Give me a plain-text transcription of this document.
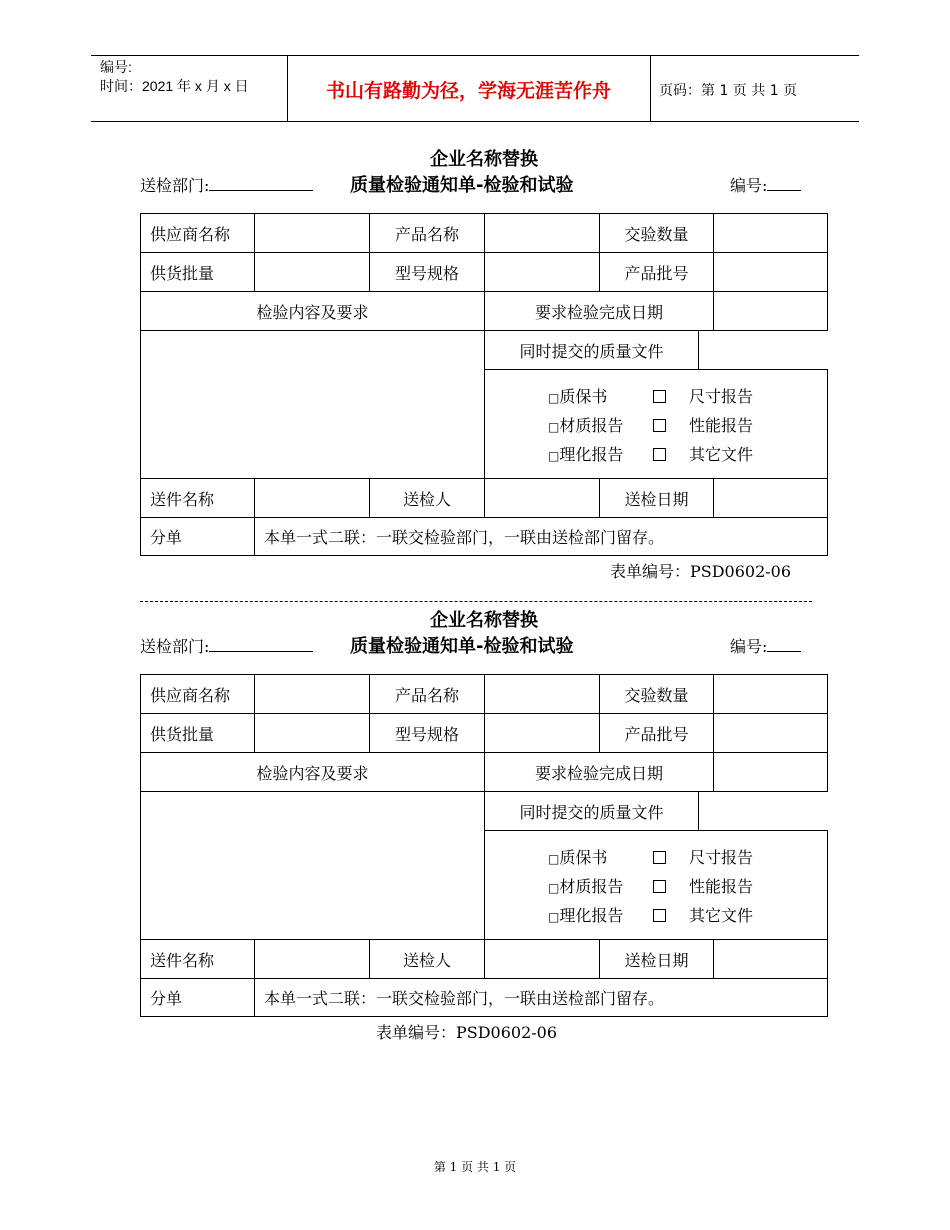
编号:
时间：2021 年 x 月 x 日	书山有路勤为径，学海无涯苦作舟	页码：第 1 页 共 1 页
企业名称替换
送检部门:	质量检验通知单-检验和试验	编号:
供应商名称	产品名称	交验数量
供货批量	型号规格	产品批号
检验内容及要求	要求检验完成日期
同时提交的质量文件
□质保书	尺寸报告
□材质报告	性能报告
□理化报告	其它文件
送件名称	送检人	送检日期
分单	本单一式二联：一联交检验部门，一联由送检部门留存。
表单编号：PSD0602-06
企业名称替换
送检部门:	质量检验通知单-检验和试验	编号:
供应商名称	产品名称	交验数量
供货批量	型号规格	产品批号
检验内容及要求	要求检验完成日期
同时提交的质量文件
□质保书	尺寸报告
□材质报告	性能报告
□理化报告	其它文件
送件名称	送检人	送检日期
分单	本单一式二联：一联交检验部门，一联由送检部门留存。
表单编号：PSD0602-06
第 1 页 共 1 页
